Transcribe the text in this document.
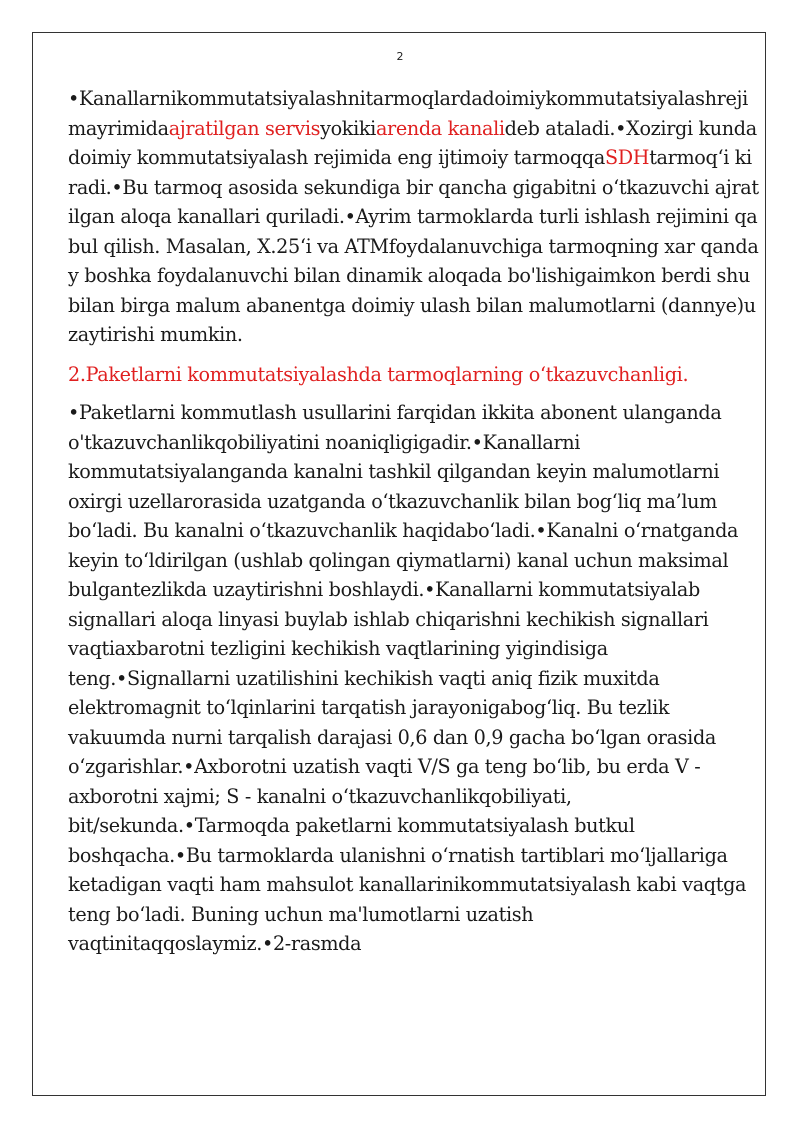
2

•Kanallarnikommutatsiyalashnitarmoqlardadoimiykommutatsiyalashrejimayrimidaajratilgan servisyokikiarenda kanalideb ataladi.•Xozirgi kunda doimiy kommutatsiyalash rejimida eng ijtimoiy tarmoqqaSDHtarmoq‘i kiradi.•Bu tarmoq asosida sekundiga bir qancha gigabitni o‘tkazuvchi ajratilgan aloqa kanallari quriladi.•Ayrim tarmoklarda turli ishlash rejimini qabul qilish. Masalan, X.25‘i va ATMfoydalanuvchiga tarmoqning xar qanday boshka foydalanuvchi bilan dinamik aloqada bo'lishigaimkon berdi shu bilan birga malum abanentga doimiy ulash bilan malumotlarni (dannye)uzaytirishi mumkin.

2.Paketlarni kommutatsiyalashda tarmoqlarning o‘tkazuvchanligi.

•Paketlarni kommutlash usullarini farqidan ikkita abonent ulanganda o'tkazuvchanlikqobiliyatini noaniqligigadir.•Kanallarni kommutatsiyalanganda kanalni tashkil qilgandan keyin malumotlarni oxirgi uzellarorasida uzatganda o‘tkazuvchanlik bilan bog‘liq ma’lum bo‘ladi. Bu kanalni o‘tkazuvchanlik haqidabo‘ladi.•Kanalni o‘rnatganda keyin to‘ldirilgan (ushlab qolingan qiymatlarni) kanal uchun maksimal bulgantezlikda uzaytirishni boshlaydi.•Kanallarni kommutatsiyalab signallari aloqa linyasi buylab ishlab chiqarishni kechikish signallari vaqtiaxbarotni tezligini kechikish vaqtlarining yigindisiga teng.•Signallarni uzatilishini kechikish vaqti aniq fizik muxitda elektromagnit to‘lqinlarini tarqatish jarayonigabog‘liq. Bu tezlik vakuumda nurni tarqalish darajasi 0,6 dan 0,9 gacha bo‘lgan orasida o‘zgarishlar.•Axborotni uzatish vaqti V/S ga teng bo‘lib, bu erda V - axborotni xajmi; S - kanalni o‘tkazuvchanlikqobiliyati, bit/sekunda.•Tarmoqda paketlarni kommutatsiyalash butkul boshqacha.•Bu tarmoklarda ulanishni o‘rnatish tartiblari mo‘ljallariga ketadigan vaqti ham mahsulot kanallarinikommutatsiyalash kabi vaqtga teng bo‘ladi. Buning uchun ma'lumotlarni uzatish vaqtinitaqqoslaymiz.•2-rasmda
